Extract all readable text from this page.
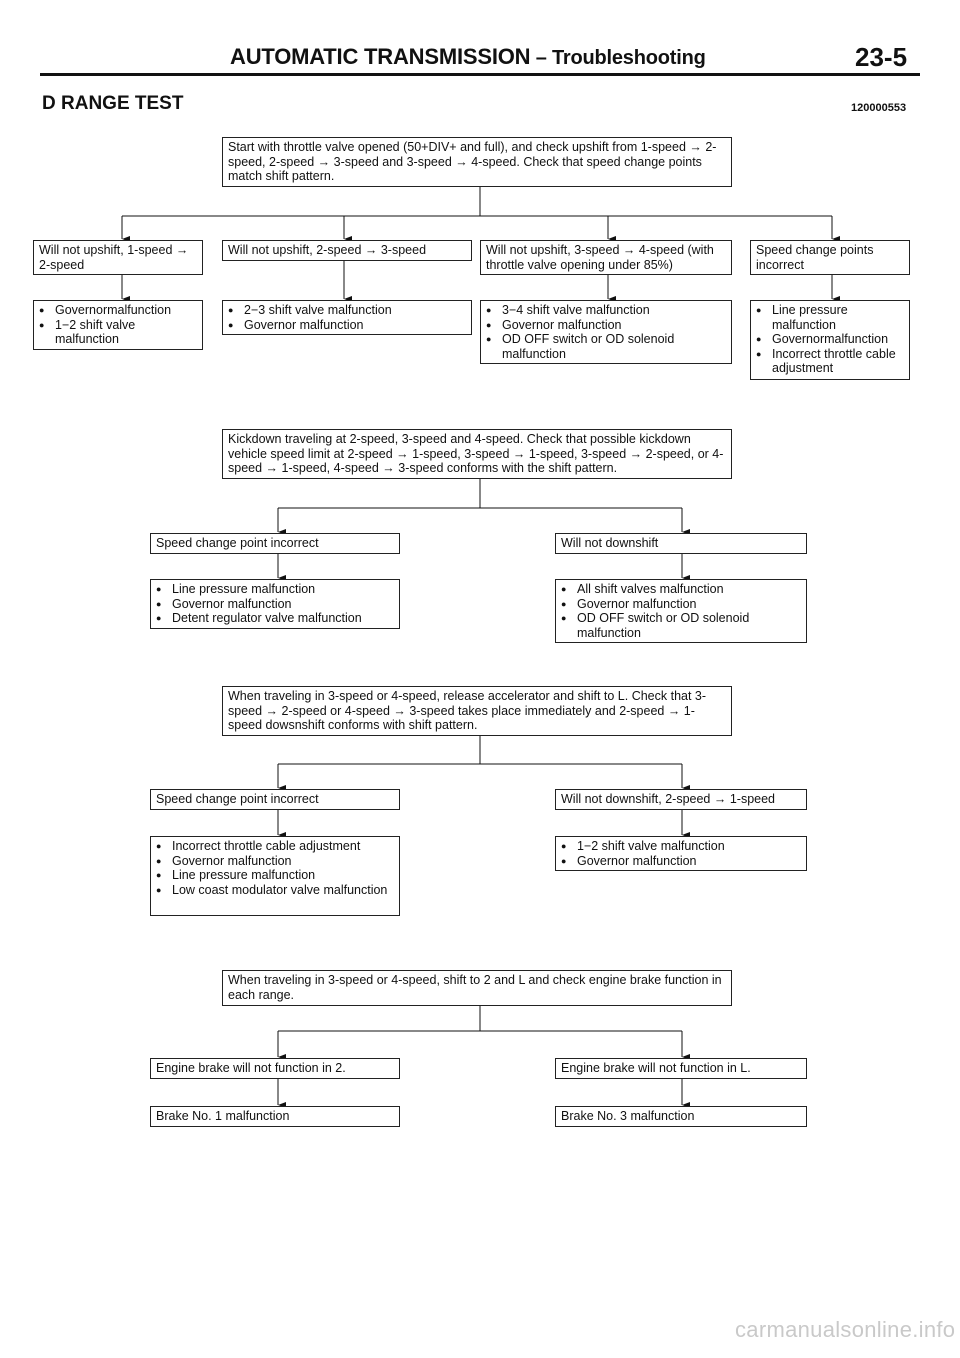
AUTOMATIC TRANSMISSION – Troubleshooting	23-5
D RANGE TEST	120000553
Start with throttle valve opened (50+DIV+ and full), and check upshift from 1-speed → 2-speed, 2-speed → 3-speed and 3-speed → 4-speed. Check that speed change points match shift pattern.
Will not upshift, 1-speed → 2-speed
● Governormalfunction
● 1−2 shift valve malfunction
Will not upshift, 2-speed → 3-speed
● 2−3 shift valve malfunction
● Governor malfunction
Will not upshift, 3-speed → 4-speed (with throttle valve opening under 85%)
● 3−4 shift valve malfunction
● Governor malfunction
● OD OFF switch or OD solenoid malfunction
Speed change points incorrect
● Line pressure malfunction
● Governormalfunction
● Incorrect throttle cable adjustment
Kickdown traveling at 2-speed, 3-speed and 4-speed. Check that possible kickdown vehicle speed limit at 2-speed → 1-speed, 3-speed → 1-speed, 3-speed → 2-speed, or 4-speed → 1-speed, 4-speed → 3-speed conforms with the shift pattern.
Speed change point incorrect
● Line pressure malfunction
● Governor malfunction
● Detent regulator valve malfunction
Will not downshift
● All shift valves malfunction
● Governor malfunction
● OD OFF switch or OD solenoid malfunction
When traveling in 3-speed or 4-speed, release accelerator and shift to L. Check that 3-speed → 2-speed or 4-speed → 3-speed takes place immediately and 2-speed → 1-speed dowsnshift conforms with shift pattern.
Speed change point incorrect
● Incorrect throttle cable adjustment
● Governor malfunction
● Line pressure malfunction
● Low coast modulator valve malfunction
Will not downshift, 2-speed → 1-speed
● 1−2 shift valve malfunction
● Governor malfunction
When traveling in 3-speed or 4-speed, shift to 2 and L and check engine brake function in each range.
Engine brake will not function in 2.
Brake No. 1 malfunction
Engine brake will not function in L.
Brake No. 3 malfunction
carmanualsonline.info
